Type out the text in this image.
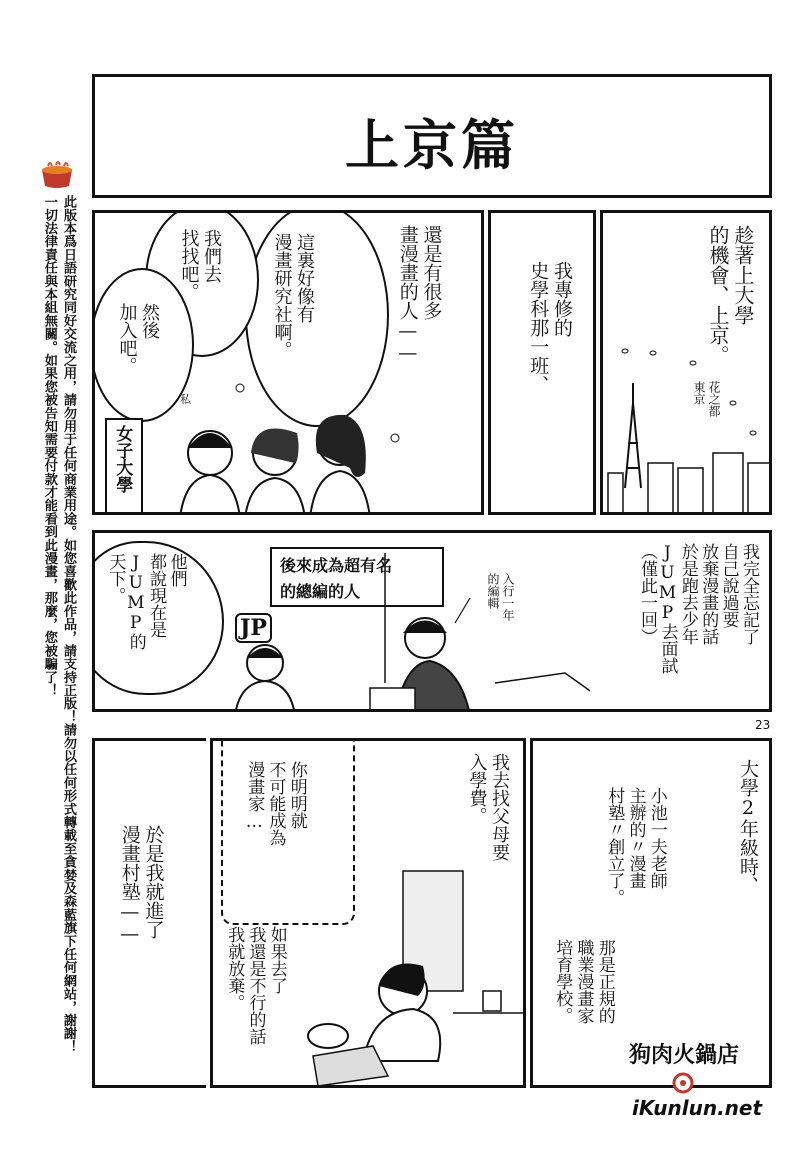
此版本爲日語研究同好交流之用，請勿用于任何商業用途。如您喜歡此作品，請支持正版！請勿以任何形式轉載至貪婪及森藍旗下任何網站，謝謝！一切法律責任與本組無關。如果您被告知需要付款才能看到此漫畫，那麼，您被騙了！
上京篇
趁著上大學
的機會、上京。
花之都
東京
我專修的
史學科那一班、
還是有很多
畫漫畫的人——
這裏好像有
漫畫研究社啊。
我們去
找找吧。
然後
加入吧。
女子大學
私
我完全忘記了
自己說過要
放棄漫畫的話
於是跑去少年
JUMP去面試
（僅此一回）
後來成為超有名
的總編的人	入行一年
的編輯
他們
都說現在是
JUMP的
天下。
JP
23
大學2年級時、
小池一夫老師
主辦的〃漫畫
村塾〃創立了。
那是正規的
職業漫畫家
培育學校。
我去找父母要
入學費。
你明明就
不可能成為
漫畫家…
如果去了
我還是不行的話
我就放棄。
於是我就進了
漫畫村塾——
狗肉火鍋店
iKunlun.net
